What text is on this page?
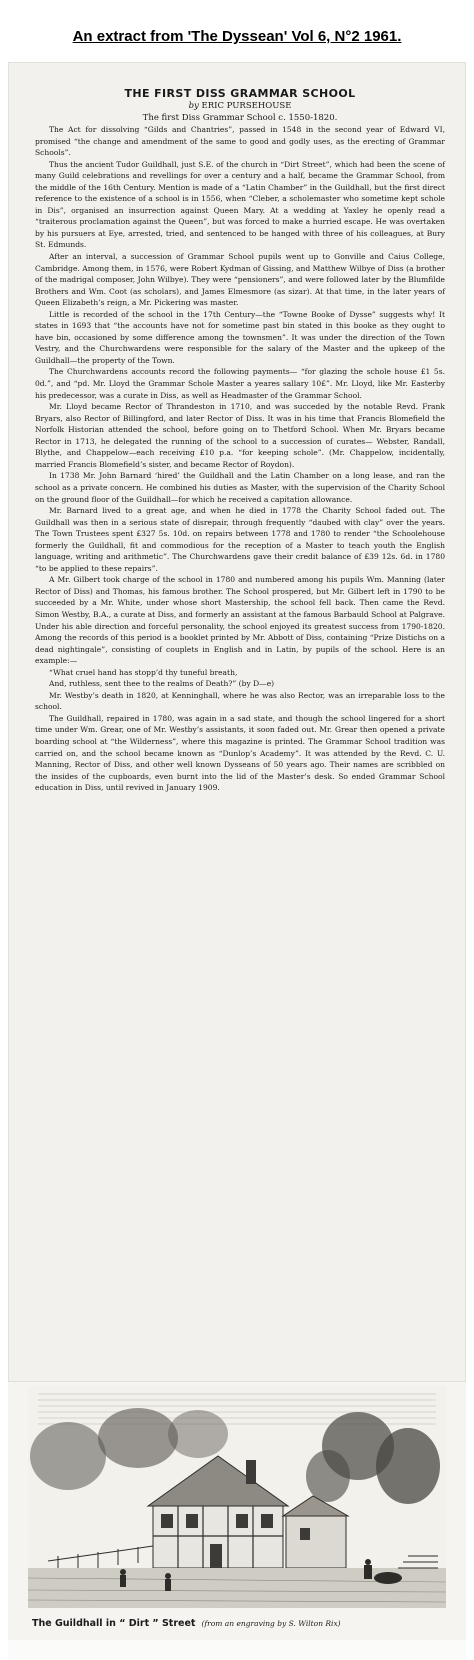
An extract from 'The Dyssean' Vol 6, N°2 1961.

THE FIRST DISS GRAMMAR SCHOOL

by ERIC PURSEHOUSE

The first Diss Grammar School c. 1550-1820.

The Act for dissolving “Gilds and Chantries”, passed in 1548 in the second year of Edward VI, promised “the change and amendment of the same to good and godly uses, as the erecting of Grammar Schools”.

Thus the ancient Tudor Guildhall, just S.E. of the church in “Dirt Street”, which had been the scene of many Guild celebrations and revellings for over a century and a half, became the Grammar School, from the middle of the 16th Century. Mention is made of a “Latin Chamber” in the Guildhall, but the first direct reference to the existence of a school is in 1556, when “Cleber, a scholemaster who sometime kept schole in Dis”, organised an insurrection against Queen Mary. At a wedding at Yaxley he openly read a “traiterous proclamation against the Queen”, but was forced to make a hurried escape. He was overtaken by his pursuers at Eye, arrested, tried, and sentenced to be hanged with three of his colleagues, at Bury St. Edmunds.

After an interval, a succession of Grammar School pupils went up to Gonville and Caius College, Cambridge. Among them, in 1576, were Robert Kydman of Gissing, and Matthew Wilbye of Diss (a brother of the madrigal composer, John Wilbye). They were “pensioners”, and were followed later by the Blumfilde Brothers and Wm. Coot (as scholars), and James Elmesmore (as sizar). At that time, in the later years of Queen Elizabeth’s reign, a Mr. Pickering was master.

Little is recorded of the school in the 17th Century—the “Towne Booke of Dysse” suggests why! It states in 1693 that “the accounts have not for sometime past bin stated in this booke as they ought to have bin, occasioned by some difference among the townsmen”. It was under the direction of the Town Vestry, and the Churchwardens were responsible for the salary of the Master and the upkeep of the Guildhall—the property of the Town.

The Churchwardens accounts record the following payments— “for glazing the schole house £1 5s. 0d.”, and “pd. Mr. Lloyd the Grammar Schole Master a yeares sallary 10£”. Mr. Lloyd, like Mr. Easterby his predecessor, was a curate in Diss, as well as Headmaster of the Grammar School.

Mr. Lloyd became Rector of Thrandeston in 1710, and was succeded by the notable Revd. Frank Bryars, also Rector of Billingford, and later Rector of Diss. It was in his time that Francis Blomefield the Norfolk Historian attended the school, before going on to Thetford School. When Mr. Bryars became Rector in 1713, he delegated the running of the school to a succession of curates— Webster, Randall, Blythe, and Chappelow—each receiving £10 p.a. “for keeping schole”. (Mr. Chappelow, incidentally, married Francis Blomefield’s sister, and became Rector of Roydon).

In 1738 Mr. John Barnard ‘hired’ the Guildhall and the Latin Chamber on a long lease, and ran the school as a private concern. He combined his duties as Master, with the supervision of the Charity School on the ground floor of the Guildhall—for which he received a capitation allowance.

Mr. Barnard lived to a great age, and when he died in 1778 the Charity School faded out. The Guildhall was then in a serious state of disrepair, through frequently “daubed with clay” over the years. The Town Trustees spent £327 5s. 10d. on repairs between 1778 and 1780 to render “the Schoolehouse formerly the Guildhall, fit and commodious for the reception of a Master to teach youth the English language, writing and arithmetic”. The Churchwardens gave their credit balance of £39 12s. 6d. in 1780 “to be applied to these repairs”.

A Mr. Gilbert took charge of the school in 1780 and numbered among his pupils Wm. Manning (later Rector of Diss) and Thomas, his famous brother. The School prospered, but Mr. Gilbert left in 1790 to be succeeded by a Mr. White, under whose short Mastership, the school fell back. Then came the Revd. Simon Westby, B.A., a curate at Diss, and formerly an assistant at the famous Barbauld School at Palgrave. Under his able direction and forceful personality, the school enjoyed its greatest success from 1790-1820. Among the records of this period is a booklet printed by Mr. Abbott of Diss, containing “Prize Distichs on a dead nightingale”, consisting of couplets in English and in Latin, by pupils of the school. Here is an example:—

“What cruel hand has stopp’d thy tuneful breath,

And, ruthless, sent thee to the realms of Death?” (by D—e)

Mr. Westby’s death in 1820, at Kenninghall, where he was also Rector, was an irreparable loss to the school.

The Guildhall, repaired in 1780, was again in a sad state, and though the school lingered for a short time under Wm. Grear, one of Mr. Westby’s assistants, it soon faded out. Mr. Grear then opened a private boarding school at “the Wilderness”, where this magazine is printed. The Grammar School tradition was carried on, and the school became known as “Dunlop’s Academy”. It was attended by the Revd. C. U. Manning, Rector of Diss, and other well known Dysseans of 50 years ago. Their names are scribbled on the insides of the cupboards, even burnt into the lid of the Master’s desk. So ended Grammar School education in Diss, until revived in January 1909.

The Guildhall in “ Dirt ” Street (from an engraving by S. Wilton Rix)
